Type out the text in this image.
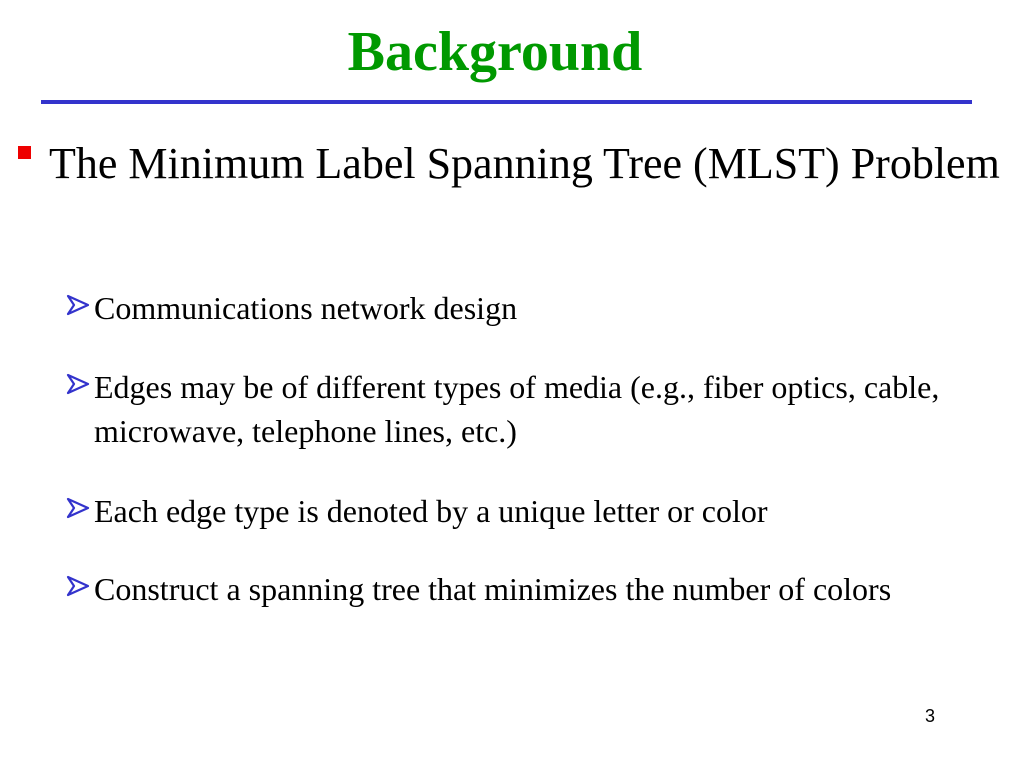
Background
The Minimum Label Spanning Tree (MLST) Problem
Communications network design
Edges may be of different types of media (e.g., fiber optics, cable, microwave, telephone lines, etc.)
Each edge type is denoted by a unique letter or color
Construct a spanning tree that minimizes the number of colors
3
